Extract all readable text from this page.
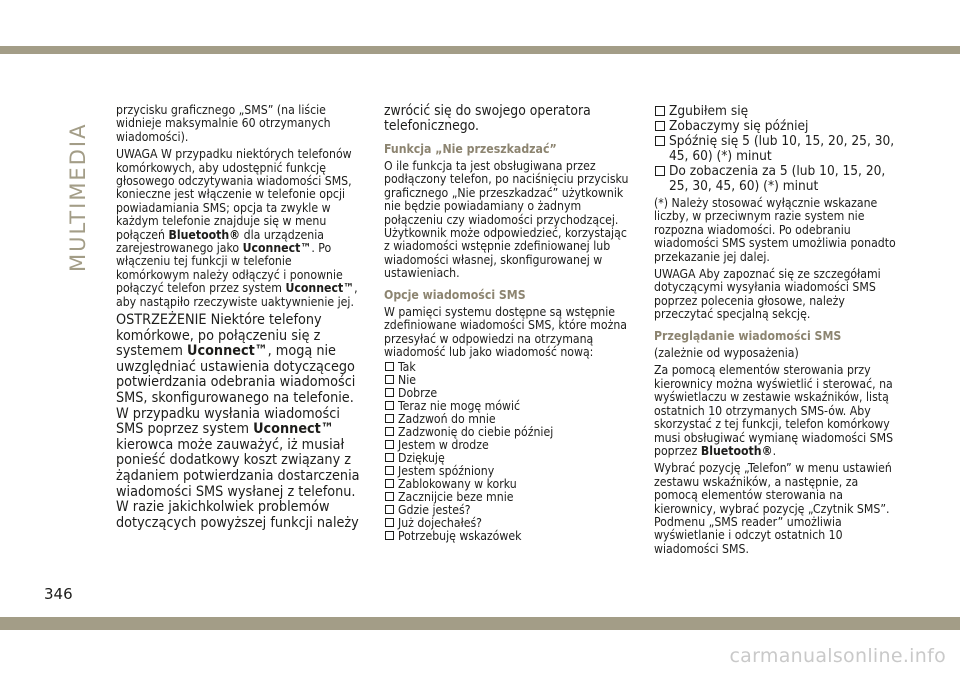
MULTIMEDIA
346
carmanualsonline.info

przycisku graficznego „SMS” (na liście widnieje maksymalnie 60 otrzymanych wiadomości).

UWAGA W przypadku niektórych telefonów komórkowych, aby udostępnić funkcję głosowego odczytywania wiadomości SMS, konieczne jest włączenie w telefonie opcji powiadamiania SMS; opcja ta zwykle w każdym telefonie znajduje się w menu połączeń Bluetooth® dla urządzenia zarejestrowanego jako Uconnect™. Po włączeniu tej funkcji w telefonie komórkowym należy odłączyć i ponownie połączyć telefon przez system Uconnect™, aby nastąpiło rzeczywiste uaktywnienie jej.

OSTRZEŻENIE Niektóre telefony komórkowe, po połączeniu się z systemem Uconnect™, mogą nie uwzględniać ustawienia dotyczącego potwierdzania odebrania wiadomości SMS, skonfigurowanego na telefonie. W przypadku wysłania wiadomości SMS poprzez system Uconnect™ kierowca może zauważyć, iż musiał ponieść dodatkowy koszt związany z żądaniem potwierdzania dostarczenia wiadomości SMS wysłanej z telefonu. W razie jakichkolwiek problemów dotyczących powyższej funkcji należy

zwrócić się do swojego operatora telefonicznego.

Funkcja „Nie przeszkadzać”

O ile funkcja ta jest obsługiwana przez podłączony telefon, po naciśnięciu przycisku graficznego „Nie przeszkadzać” użytkownik nie będzie powiadamiany o żadnym połączeniu czy wiadomości przychodzącej. Użytkownik może odpowiedzieć, korzystając z wiadomości wstępnie zdefiniowanej lub wiadomości własnej, skonfigurowanej w ustawieniach.

Opcje wiadomości SMS

W pamięci systemu dostępne są wstępnie zdefiniowane wiadomości SMS, które można przesyłać w odpowiedzi na otrzymaną wiadomość lub jako wiadomość nową:

Tak
Nie
Dobrze
Teraz nie mogę mówić
Zadzwoń do mnie
Zadzwonię do ciebie później
Jestem w drodze
Dziękuję
Jestem spóźniony
Zablokowany w korku
Zacznijcie beze mnie
Gdzie jesteś?
Już dojechałeś?
Potrzebuję wskazówek
Zgubiłem się
Zobaczymy się później
Spóźnię się 5 (lub 10, 15, 20, 25, 30, 45, 60) (*) minut
Do zobaczenia za 5 (lub 10, 15, 20, 25, 30, 45, 60) (*) minut

(*) Należy stosować wyłącznie wskazane liczby, w przeciwnym razie system nie rozpozna wiadomości. Po odebraniu wiadomości SMS system umożliwia ponadto przekazanie jej dalej.

UWAGA Aby zapoznać się ze szczegółami dotyczącymi wysyłania wiadomości SMS poprzez polecenia głosowe, należy przeczytać specjalną sekcję.

Przeglądanie wiadomości SMS

(zależnie od wyposażenia)

Za pomocą elementów sterowania przy kierownicy można wyświetlić i sterować, na wyświetlaczu w zestawie wskaźników, listą ostatnich 10 otrzymanych SMS-ów. Aby skorzystać z tej funkcji, telefon komórkowy musi obsługiwać wymianę wiadomości SMS poprzez Bluetooth®.

Wybrać pozycję „Telefon” w menu ustawień zestawu wskaźników, a następnie, za pomocą elementów sterowania na kierownicy, wybrać pozycję „Czytnik SMS”. Podmenu „SMS reader” umożliwia wyświetlanie i odczyt ostatnich 10 wiadomości SMS.
